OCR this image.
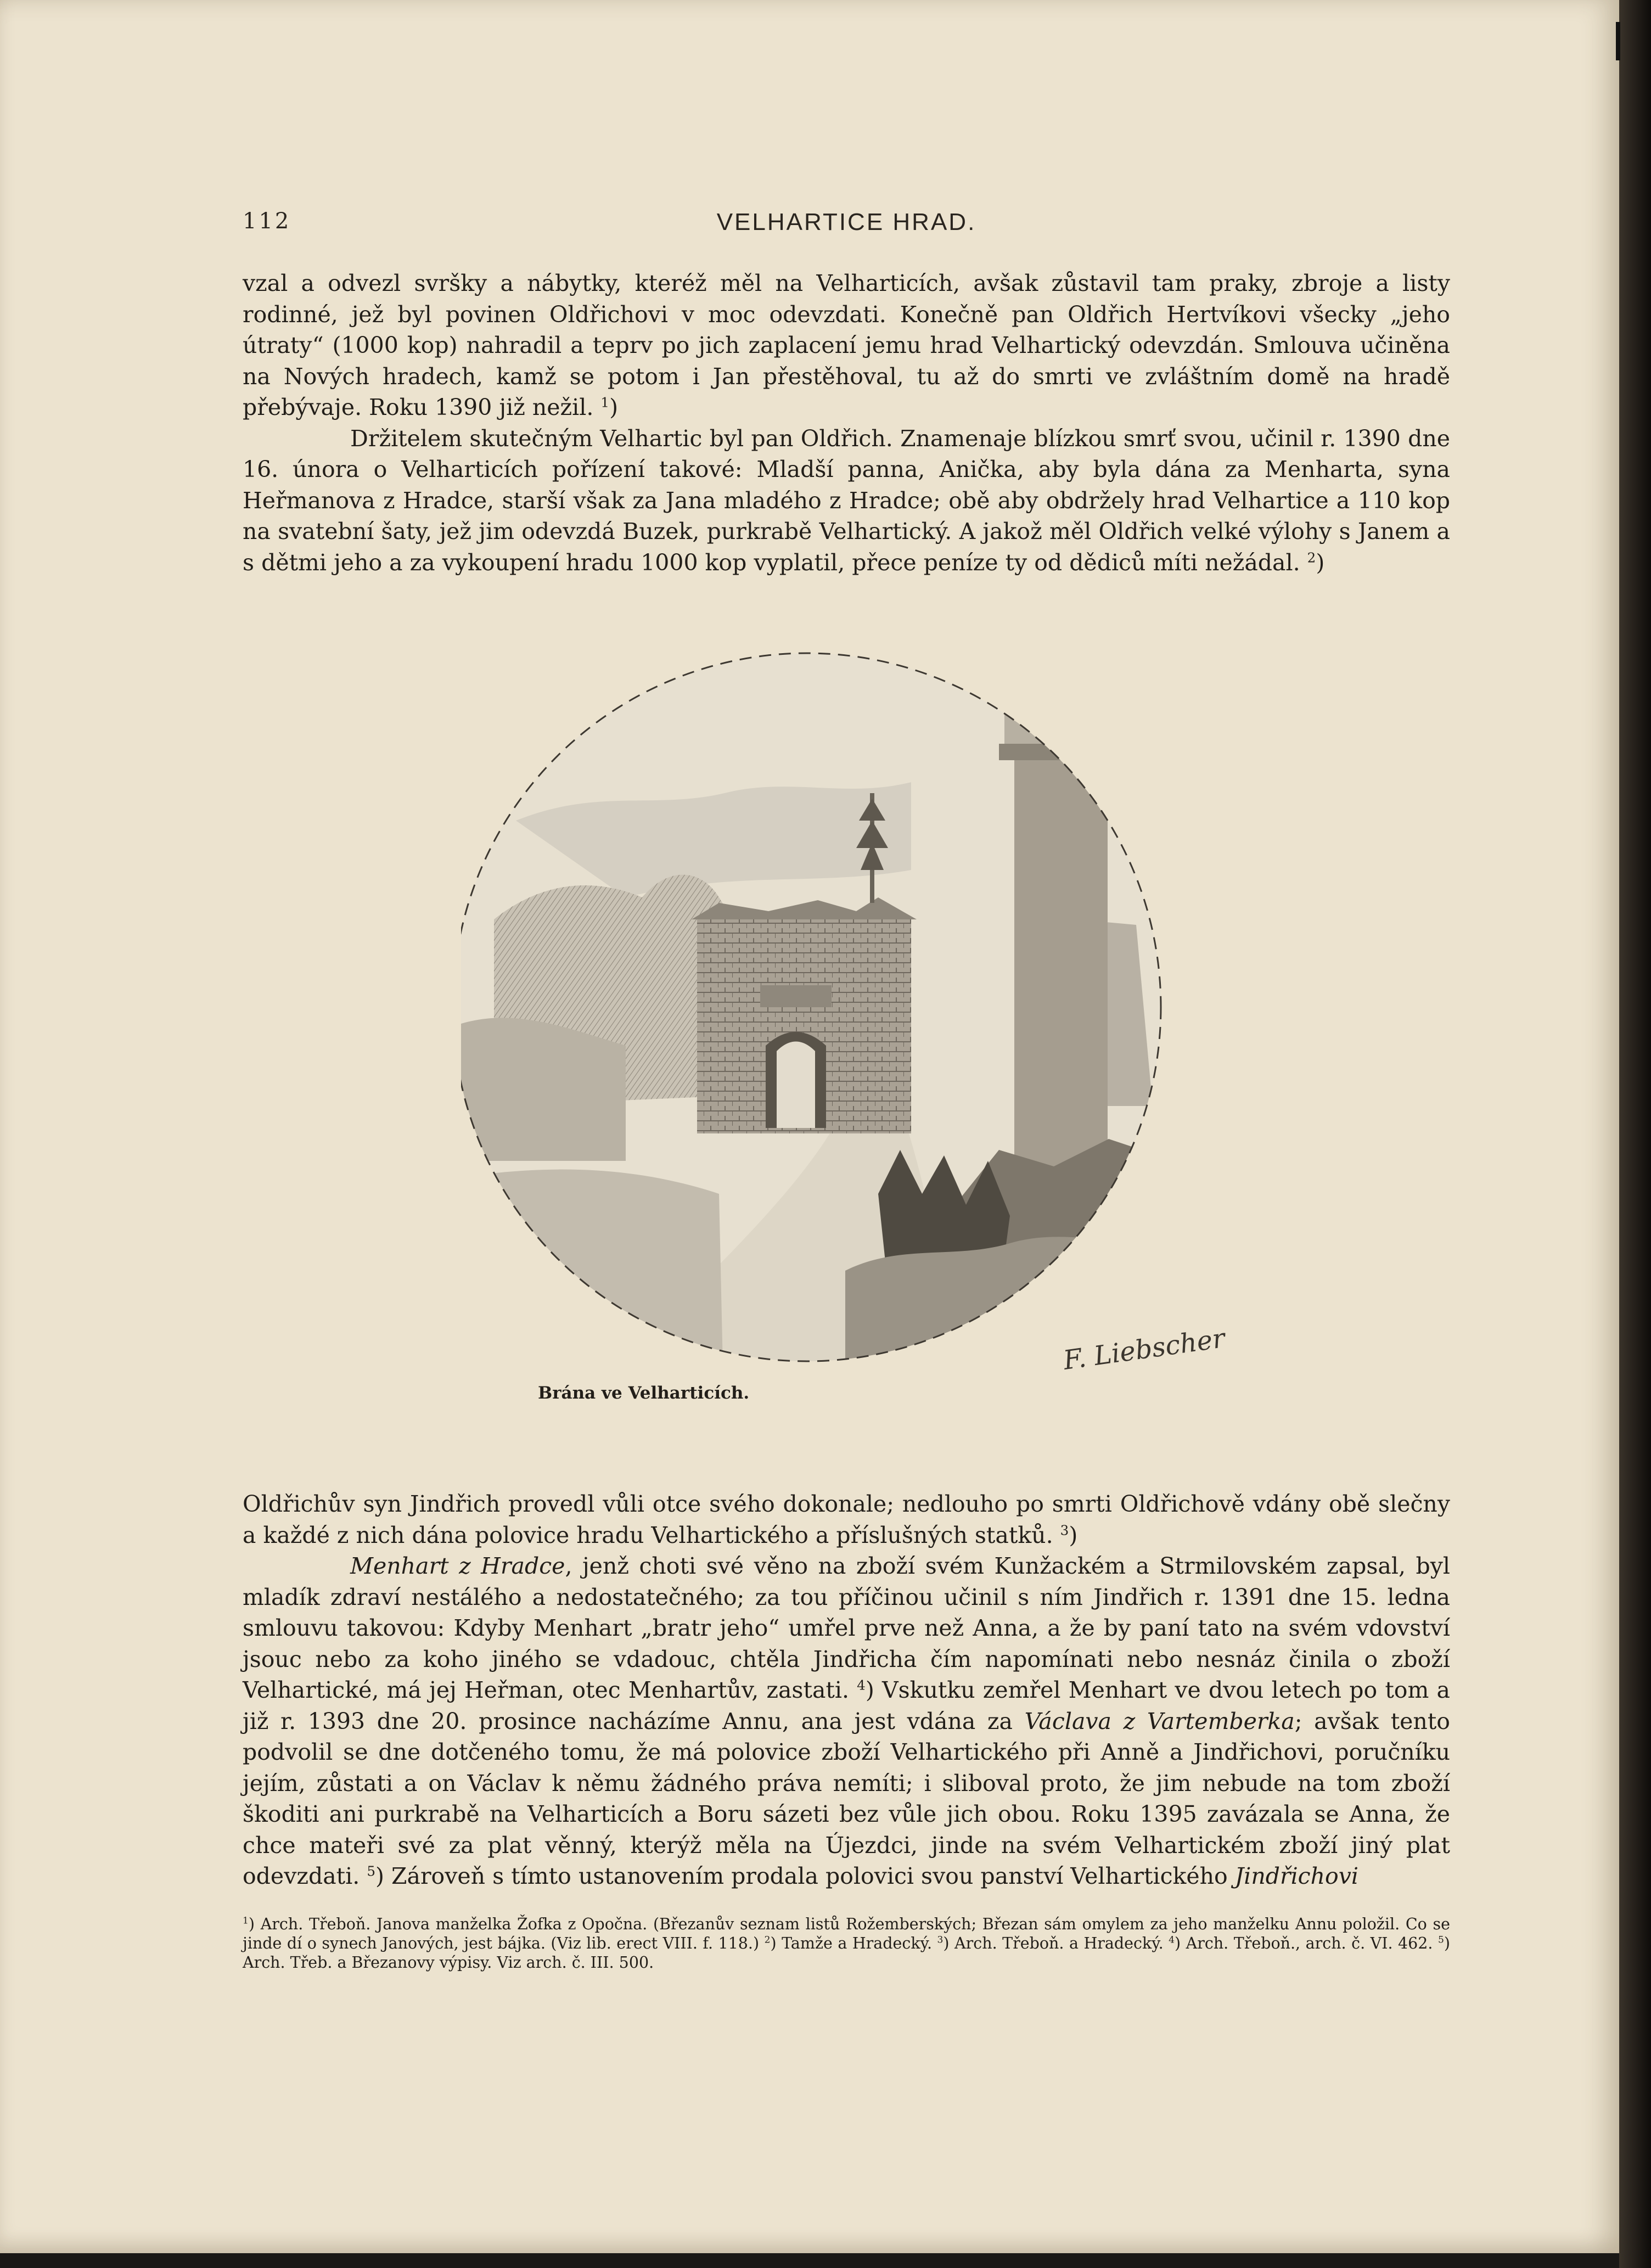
112	VELHARTICE HRAD.

vzal a odvezl svršky a nábytky, kteréž měl na Velharticích, avšak zůstavil tam praky, zbroje a listy rodinné, jež byl povinen Oldřichovi v moc odevzdati. Konečně pan Oldřich Hertvíkovi všecky „jeho útraty“ (1000 kop) nahradil a teprv po jich zaplacení jemu hrad Velhartický odevzdán. Smlouva učiněna na Nových hradech, kamž se potom i Jan přestěhoval, tu až do smrti ve zvláštním domě na hradě přebývaje. Roku 1390 již nežil. $^1$)

Držitelem skutečným Velhartic byl pan Oldřich. Znamenaje blízkou smrť svou, učinil r. 1390 dne 16. února o Velharticích pořízení takové: Mladší panna, Anička, aby byla dána za Menharta, syna Heřmanova z Hradce, starší však za Jana mladého z Hradce; obě aby obdržely hrad Velhartice a 110 kop na svatební šaty, jež jim odevzdá Buzek, purkrabě Velhartický. A jakož měl Oldřich velké výlohy s Janem a s dětmi jeho a za vykoupení hradu 1000 kop vyplatil, přece peníze ty od dědiců míti nežádal. $^2$)

F. Liebscher
Brána ve Velharticích.

Oldřichův syn Jindřich provedl vůli otce svého dokonale; nedlouho po smrti Oldřichově vdány obě slečny a každé z nich dána polovice hradu Velhartického a příslušných statků. $^3$)

Menhart z Hradce, jenž choti své věno na zboží svém Kunžackém a Strmilovském zapsal, byl mladík zdraví nestálého a nedostatečného; za tou příčinou učinil s ním Jindřich r. 1391 dne 15. ledna smlouvu takovou: Kdyby Menhart „bratr jeho“ umřel prve než Anna, a že by paní tato na svém vdovství jsouc nebo za koho jiného se vdadouc, chtěla Jindřicha čím napomínati nebo nesnáz činila o zboží Velhartické, má jej Heřman, otec Menhartův, zastati. $^4$) Vskutku zemřel Menhart ve dvou letech po tom a již r. 1393 dne 20. prosince nacházíme Annu, ana jest vdána za Václava z Vartemberka; avšak tento podvolil se dne dotčeného tomu, že má polovice zboží Velhartického při Anně a Jindřichovi, poručníku jejím, zůstati a on Václav k němu žádného práva nemíti; i sliboval proto, že jim nebude na tom zboží škoditi ani purkrabě na Velharticích a Boru sázeti bez vůle jich obou. Roku 1395 zavázala se Anna, že chce mateři své za plat věnný, kterýž měla na Újezdci, jinde na svém Velhartickém zboží jiný plat odevzdati. $^5$) Zároveň s tímto ustanovením prodala polovici svou panství Velhartického Jindřichovi

$^1$) Arch. Třeboň. Janova manželka Žofka z Opočna. (Březanův seznam listů Rožemberských; Březan sám omylem za jeho manželku Annu položil. Co se jinde dí o synech Janových, jest bájka. (Viz lib. erect VIII. f. 118.) $^2$) Tamže a Hradecký. $^3$) Arch. Třeboň. a Hradecký. $^4$) Arch. Třeboň., arch. č. VI. 462. $^5$) Arch. Třeb. a Březanovy výpisy. Viz arch. č. III. 500.
